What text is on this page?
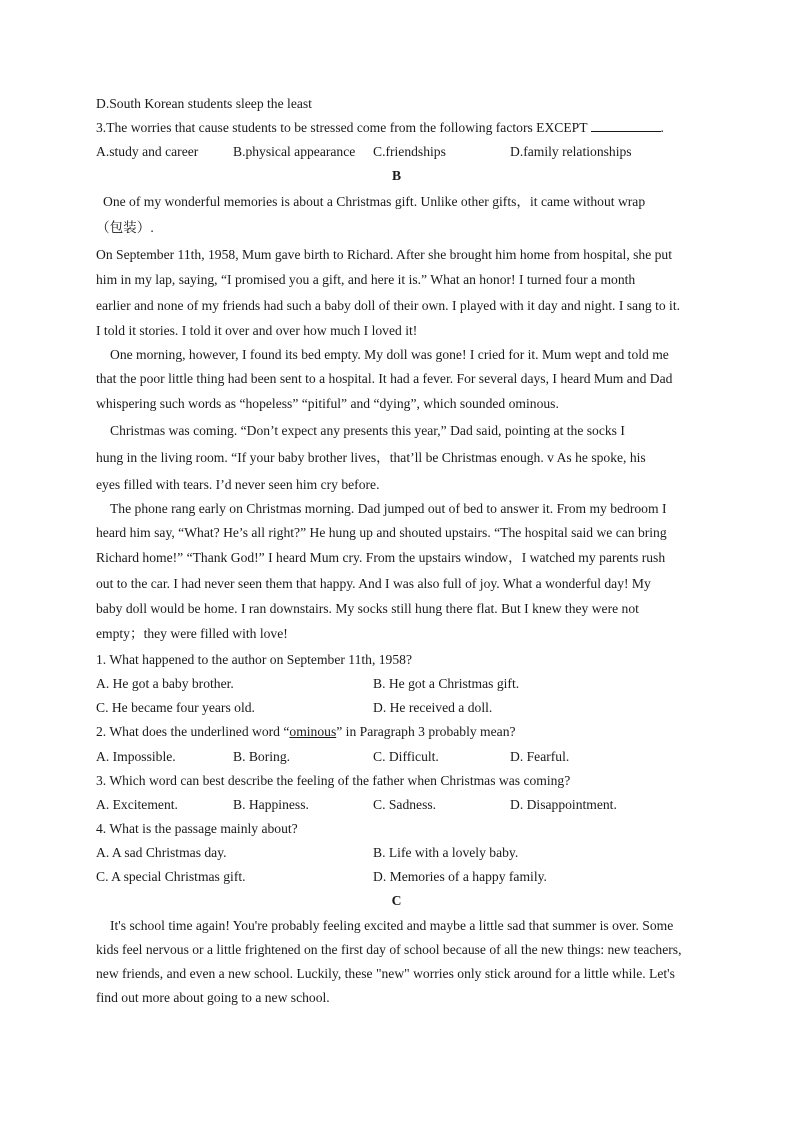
D.South Korean students sleep the least
3.The worries that cause students to be stressed come from the following factors EXCEPT	.
A.study and career	B.physical appearance C.friendships	D.family relationships
B
One of my wonderful memories is about a Christmas gift. Unlike other gifts，it came without wrap
（包装）.
On September 11th, 1958, Mum gave birth to Richard. After she brought him home from hospital, she put
him in my lap, saying, “I promised you a gift, and here it is.” What an honor! I turned four a month
earlier and none of my friends had such a baby doll of their own. I played with it day and night. I sang to it.
I told it stories. I told it over and over how much I loved it!
One morning, however, I found its bed empty. My doll was gone! I cried for it. Mum wept and told me
that the poor little thing had been sent to a hospital. It had a fever. For several days, I heard Mum and Dad
whispering such words as “hopeless” “pitiful” and “dying”, which sounded ominous.
Christmas was coming. “Don’t expect any presents this year,” Dad said, pointing at the socks I
hung in the living room. “If your baby brother lives，that’ll be Christmas enough. v As he spoke, his
eyes filled with tears. I’d never seen him cry before.
The phone rang early on Christmas morning. Dad jumped out of bed to answer it. From my bedroom I
heard him say, “What? He’s all right?” He hung up and shouted upstairs. “The hospital said we can bring
Richard home!” “Thank God!” I heard Mum cry. From the upstairs window，I watched my parents rush
out to the car. I had never seen them that happy. And I was also full of joy. What a wonderful day! My
baby doll would be home. I ran downstairs. My socks still hung there flat. But I knew they were not
empty；they were filled with love!
1. What happened to the author on September 11th, 1958?
A. He got a baby brother.	B. He got a Christmas gift.
C. He became four years old.	D. He received a doll.
2. What does the underlined word “ominous” in Paragraph 3 probably mean?
A. Impossible.	B. Boring.	C. Difficult.	D. Fearful.
3. Which word can best describe the feeling of the father when Christmas was coming?
A. Excitement.	B. Happiness.	C. Sadness.	D. Disappointment.
4. What is the passage mainly about?
A. A sad Christmas day.	B. Life with a lovely baby.
C. A special Christmas gift.	D. Memories of a happy family.
C
It's school time again! You're probably feeling excited and maybe a little sad that summer is over. Some
kids feel nervous or a little frightened on the first day of school because of all the new things: new teachers,
new friends, and even a new school. Luckily, these "new" worries only stick around for a little while. Let's
find out more about going to a new school.
